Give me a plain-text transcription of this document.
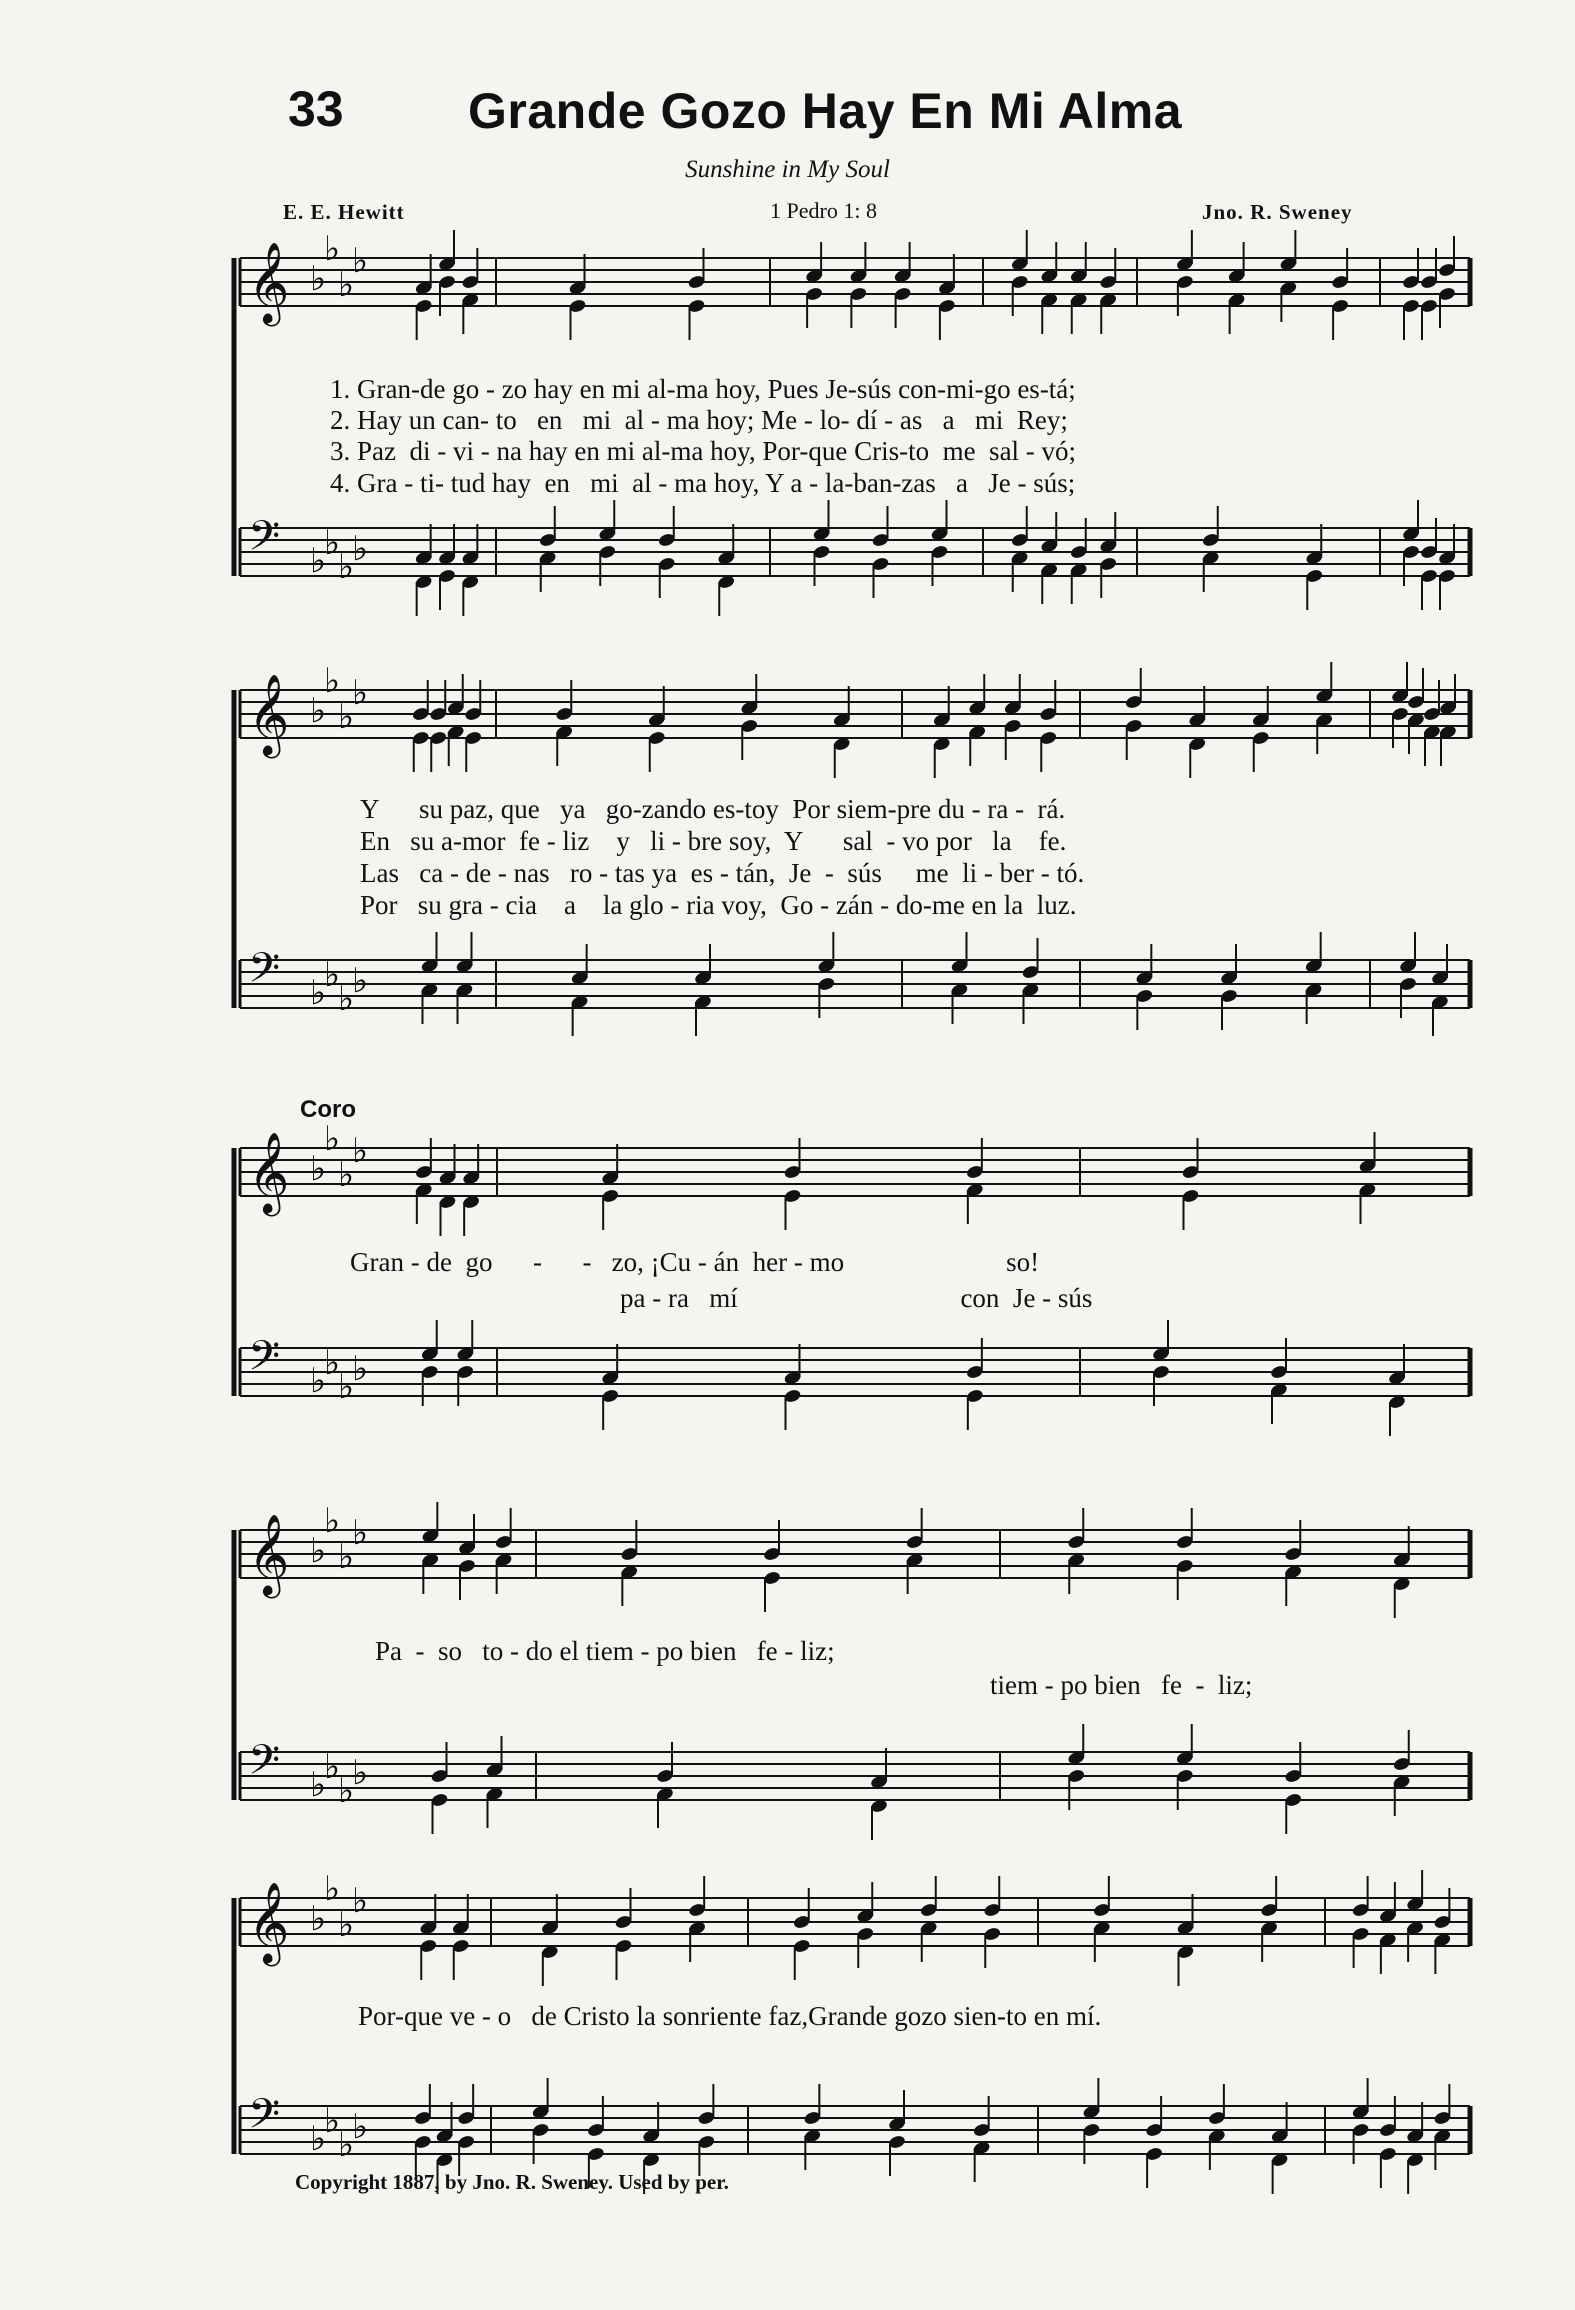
33 Grande Gozo Hay En Mi Alma
Sunshine in My Soul
E. E. Hewitt	1 Pedro 1: 8	Jno. R. Sweney
𝄞 ♭
♭
♭
♭
𝄢 ♭
♭
♭
♭
𝄞 ♭
♭
♭
♭
𝄢 ♭
♭
♭
♭
𝄞 ♭
♭
♭
♭
𝄢 ♭
♭
♭
♭
𝄞 ♭
♭
♭
♭
𝄢 ♭
♭
♭
♭
𝄞 ♭
♭
♭
♭
𝄢 ♭
♭
♭
♭
1. Gran-de go - zo hay en mi al-ma hoy, Pues Je-sús con-mi-go es-tá;
2. Hay un can- to   en   mi  al - ma hoy; Me - lo- dí - as   a   mi  Rey;
3. Paz  di - vi - na hay en mi al-ma hoy, Por-que Cris-to  me  sal - vó;
4. Gra - ti- tud hay  en   mi  al - ma hoy, Y a - la-ban-zas   a   Je - sús;
Y      su paz, que   ya   go-zando es-toy  Por siem-pre du - ra -  rá.
En   su a-mor  fe - liz    y   li - bre soy,  Y      sal  - vo por   la    fe.
Las   ca - de - nas   ro - tas ya  es - tán,  Je  -  sús     me  li - ber - tó.
Por   su gra - cia    a    la glo - ria voy,  Go - zán - do-me en la  luz.
Coro
Gran - de  go      -      -   zo, ¡Cu - án  her - mo                        so!
pa - ra   mí                                 con  Je - sús
Pa  -  so   to - do el tiem - po bien   fe - liz;
tiem - po bien   fe  -  liz;
Por-que ve - o   de Cristo la sonriente faz,Grande gozo sien-to en mí.
Copyright 1887, by Jno. R. Sweney. Used by per.
